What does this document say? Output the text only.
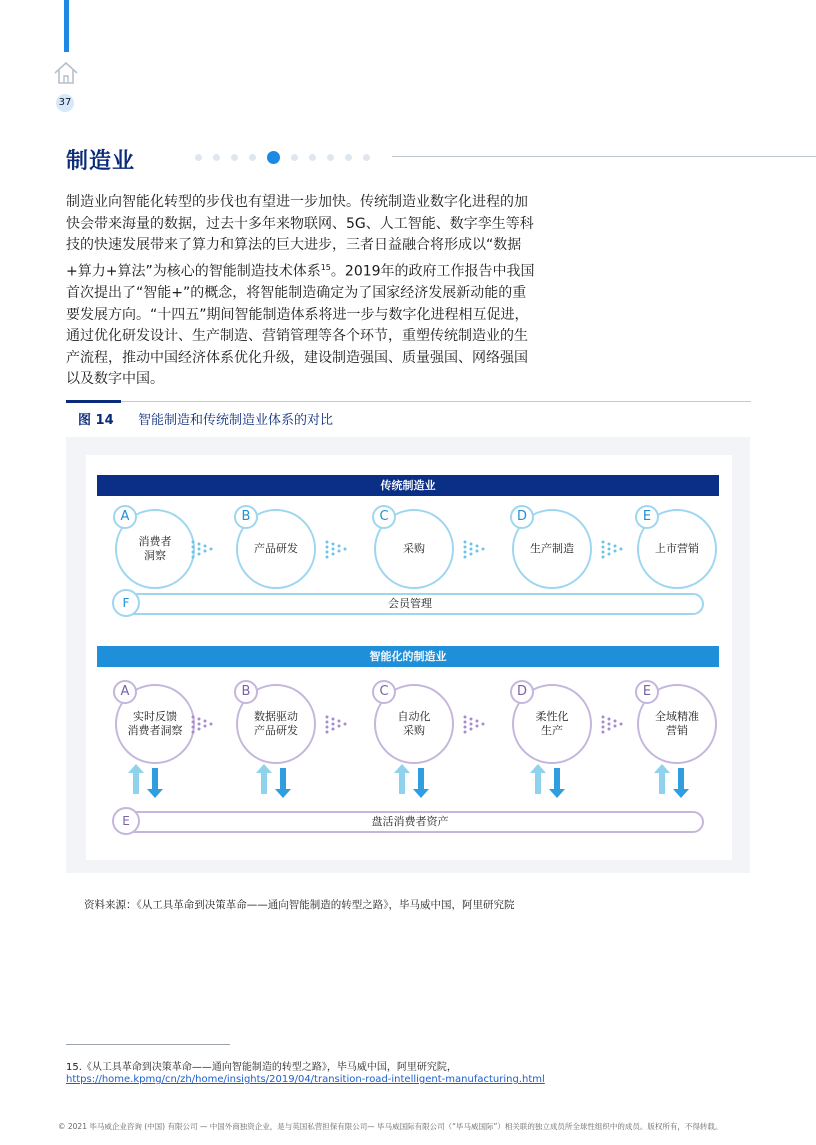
37
制造业

制造业向智能化转型的步伐也有望进一步加快。传统制造业数字化进程的加快会带来海量的数据，过去十多年来物联网、5G、人工智能、数字孪生等科技的快速发展带来了算力和算法的巨大进步，三者日益融合将形成以“数据+算力+算法”为核心的智能制造技术体系$^{15}$。2019年的政府工作报告中我国首次提出了“智能+”的概念，将智能制造确定为了国家经济发展新动能的重要发展方向。“十四五”期间智能制造体系将进一步与数字化进程相互促进，通过优化研发设计、生产制造、营销管理等各个环节，重塑传统制造业的生产流程，推动中国经济体系优化升级，建设制造强国、质量强国、网络强国以及数字中国。

图 14 智能制造和传统制造业体系的对比
传统制造业
智能化的制造业
A
消费者
洞察
B
产品研发
C
采购
D
生产制造
E
上市营销
F	会员管理
A
实时反馈
消费者洞察
B
数据驱动
产品研发
C
自动化
采购
D
柔性化
生产
E
全域精准
营销
E	盘活消费者资产
资料来源：《从工具革命到决策革命——通向智能制造的转型之路》，毕马威中国，阿里研究院
15.《从工具革命到决策革命——通向智能制造的转型之路》，毕马威中国，阿里研究院，
https://home.kpmg/cn/zh/home/insights/2019/04/transition-road-intelligent-manufacturing.html
© 2021 毕马威企业咨询 (中国) 有限公司 — 中国外商独资企业，是与英国私营担保有限公司— 毕马威国际有限公司（“毕马威国际”）相关联的独立成员所全球性组织中的成员。版权所有，不得转载。
